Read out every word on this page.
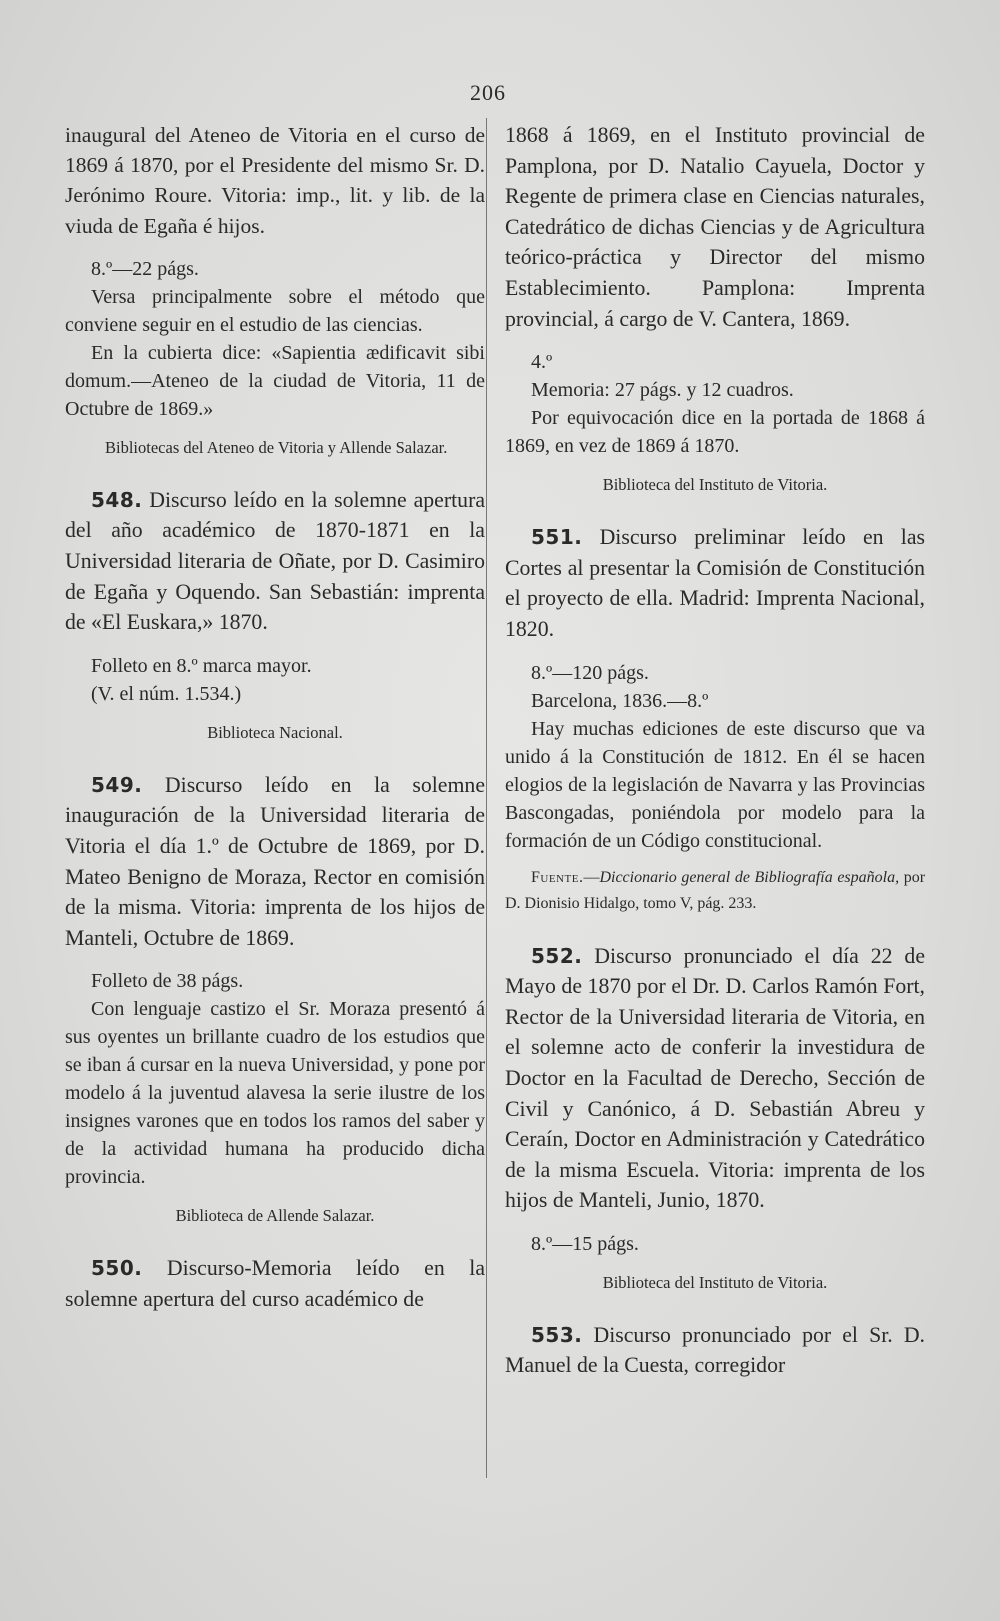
206

inaugural del Ateneo de Vitoria en el curso de 1869 á 1870, por el Presidente del mismo Sr. D. Jerónimo Roure. Vitoria: imp., lit. y lib. de la viuda de Egaña é hijos.

8.º—22 págs.

Versa principalmente sobre el método que conviene seguir en el estudio de las ciencias.

En la cubierta dice: «Sapientia ædificavit sibi domum.—Ateneo de la ciudad de Vitoria, 11 de Octubre de 1869.»

Bibliotecas del Ateneo de Vitoria y Allende Salazar.

548. Discurso leído en la solemne apertura del año académico de 1870-1871 en la Universidad literaria de Oñate, por D. Casimiro de Egaña y Oquendo. San Sebastián: imprenta de «El Euskara,» 1870.

Folleto en 8.º marca mayor.

(V. el núm. 1.534.)

Biblioteca Nacional.

549. Discurso leído en la solemne inauguración de la Universidad literaria de Vitoria el día 1.º de Octubre de 1869, por D. Mateo Benigno de Moraza, Rector en comisión de la misma. Vitoria: imprenta de los hijos de Manteli, Octubre de 1869.

Folleto de 38 págs.

Con lenguaje castizo el Sr. Moraza presentó á sus oyentes un brillante cuadro de los estudios que se iban á cursar en la nueva Universidad, y pone por modelo á la juventud alavesa la serie ilustre de los insignes varones que en todos los ramos del saber y de la actividad humana ha producido dicha provincia.

Biblioteca de Allende Salazar.

550. Discurso-Memoria leído en la solemne apertura del curso académico de

1868 á 1869, en el Instituto provincial de Pamplona, por D. Natalio Cayuela, Doctor y Regente de primera clase en Ciencias naturales, Catedrático de dichas Ciencias y de Agricultura teórico-práctica y Director del mismo Establecimiento. Pamplona: Imprenta provincial, á cargo de V. Cantera, 1869.

4.º

Memoria: 27 págs. y 12 cuadros.

Por equivocación dice en la portada de 1868 á 1869, en vez de 1869 á 1870.

Biblioteca del Instituto de Vitoria.

551. Discurso preliminar leído en las Cortes al presentar la Comisión de Constitución el proyecto de ella. Madrid: Imprenta Nacional, 1820.

8.º—120 págs.

Barcelona, 1836.—8.º

Hay muchas ediciones de este discurso que va unido á la Constitución de 1812. En él se hacen elogios de la legislación de Navarra y las Provincias Bascongadas, poniéndola por modelo para la formación de un Código constitucional.

Fuente.—Diccionario general de Bibliografía española, por D. Dionisio Hidalgo, tomo V, pág. 233.

552. Discurso pronunciado el día 22 de Mayo de 1870 por el Dr. D. Carlos Ramón Fort, Rector de la Universidad literaria de Vitoria, en el solemne acto de conferir la investidura de Doctor en la Facultad de Derecho, Sección de Civil y Canónico, á D. Sebastián Abreu y Ceraín, Doctor en Administración y Catedrático de la misma Escuela. Vitoria: imprenta de los hijos de Manteli, Junio, 1870.

8.º—15 págs.

Biblioteca del Instituto de Vitoria.

553. Discurso pronunciado por el Sr. D. Manuel de la Cuesta, corregidor
